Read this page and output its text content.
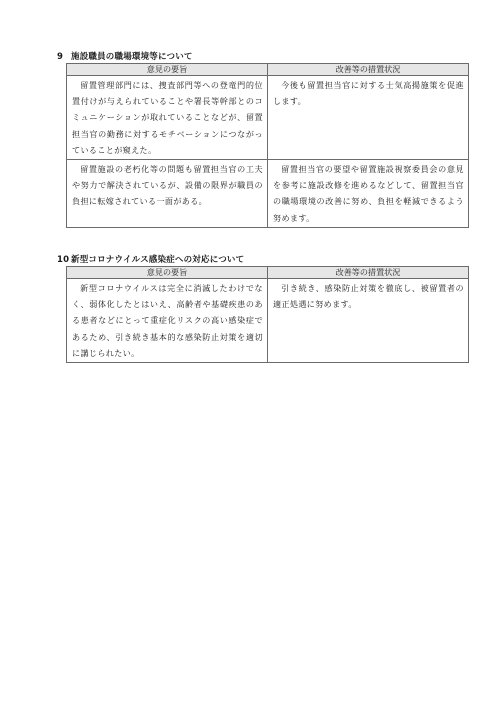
9 施設職員の職場環境等について
意見の要旨	改善等の措置状況
留置管理部門には、捜査部門等への登竜門的位置付けが与えられていることや署長等幹部とのコミュニケーションが取れていることなどが、留置担当官の勤務に対するモチベーションにつながっていることが窺えた。	今後も留置担当官に対する士気高揚施策を促進します。
留置施設の老朽化等の問題も留置担当官の工夫や努力で解決されているが、設備の限界が職員の負担に転嫁されている一面がある。	留置担当官の要望や留置施設視察委員会の意見を参考に施設改修を進めるなどして、留置担当官の職場環境の改善に努め、負担を軽減できるよう努めます。
10 新型コロナウイルス感染症への対応について
意見の要旨	改善等の措置状況
新型コロナウイルスは完全に消滅したわけでなく、弱体化したとはいえ、高齢者や基礎疾患のある患者などにとって重症化リスクの高い感染症であるため、引き続き基本的な感染防止対策を適切に講じられたい。	引き続き、感染防止対策を徹底し、被留置者の適正処遇に努めます。
